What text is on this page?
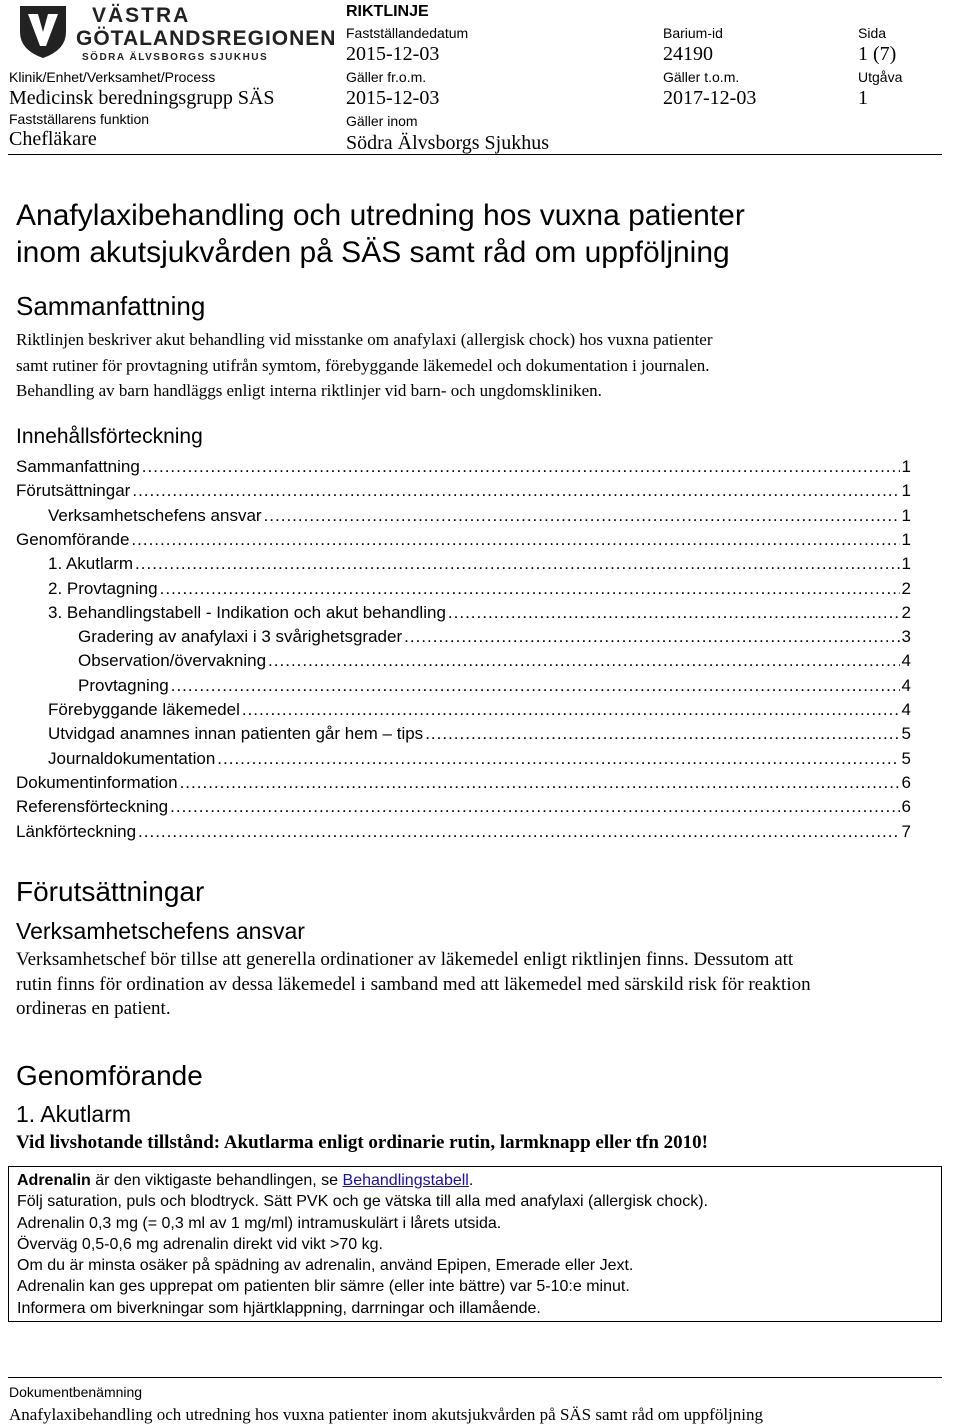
VÄSTRA
GÖTALANDSREGIONEN
SÖDRA ÄLVSBORGS SJUKHUS
RIKTLINJE
Fastställandedatum
2015-12-03
Barium-id
24190
Sida
1 (7)
Klinik/Enhet/Verksamhet/Process
Medicinsk beredningsgrupp SÄS
Gäller fr.o.m.
2015-12-03
Gäller t.o.m.
2017-12-03
Utgåva
1
Fastställarens funktion
Chefläkare
Gäller inom
Södra Älvsborgs Sjukhus
Anafylaxibehandling och utredning hos vuxna patienter
inom akutsjukvården på SÄS samt råd om uppföljning
Sammanfattning

Riktlinjen beskriver akut behandling vid misstanke om anafylaxi (allergisk chock) hos vuxna patienter

samt rutiner för provtagning utifrån symtom, förebyggande läkemedel och dokumentation i journalen.

Behandling av barn handläggs enligt interna riktlinjer vid barn- och ungdomskliniken.

Innehållsförteckning
Sammanfattning .....	1
Förutsättningar .....	1
Verksamhetschefens ansvar .....	1
Genomförande .....	1
1. Akutlarm .....	1
2. Provtagning .....	2
3. Behandlingstabell - Indikation och akut behandling .....	2
Gradering av anafylaxi i 3 svårighetsgrader .....	3
Observation/övervakning .....	4
Provtagning .....	4
Förebyggande läkemedel .....	4
Utvidgad anamnes innan patienten går hem – tips .....	5
Journaldokumentation .....	5
Dokumentinformation .....	6
Referensförteckning .....	6
Länkförteckning .....	7
Förutsättningar
Verksamhetschefens ansvar

Verksamhetschef bör tillse att generella ordinationer av läkemedel enligt riktlinjen finns. Dessutom att

rutin finns för ordination av dessa läkemedel i samband med att läkemedel med särskild risk för reaktion

ordineras en patient.

Genomförande
1. Akutlarm

Vid livshotande tillstånd: Akutlarma enligt ordinarie rutin, larmknapp eller tfn 2010!

Adrenalin är den viktigaste behandlingen, se Behandlingstabell.
Följ saturation, puls och blodtryck. Sätt PVK och ge vätska till alla med anafylaxi (allergisk chock).
Adrenalin 0,3 mg (= 0,3 ml av 1 mg/ml) intramuskulärt i lårets utsida.
Överväg 0,5-0,6 mg adrenalin direkt vid vikt >70 kg.
Om du är minsta osäker på spädning av adrenalin, använd Epipen, Emerade eller Jext.
Adrenalin kan ges upprepat om patienten blir sämre (eller inte bättre) var 5-10:e minut.
Informera om biverkningar som hjärtklappning, darrningar och illamående.
Dokumentbenämning
Anafylaxibehandling och utredning hos vuxna patienter inom akutsjukvården på SÄS samt råd om uppföljning
